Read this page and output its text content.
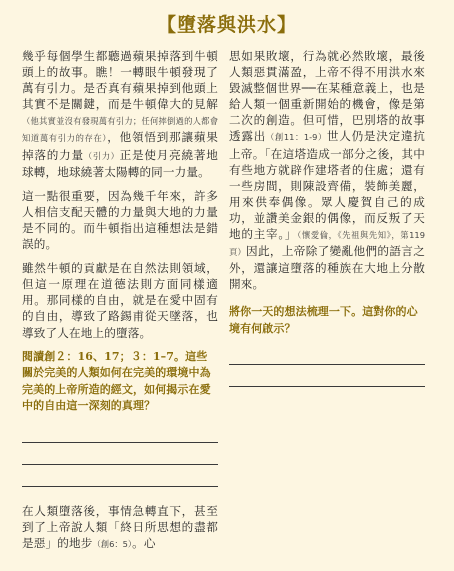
【墮落與洪水】

幾乎每個學生都聽過蘋果掉落到牛頓頭上的故事。瞧！一轉眼牛頓發現了萬有引力。是否真有蘋果掉到他頭上其實不是關鍵，而是牛頓偉大的見解（他其實並沒有發現萬有引力；任何摔倒過的人都會知道萬有引力的存在），他領悟到那讓蘋果掉落的力量（引力）正是使月亮繞著地球轉，地球繞著太陽轉的同一力量。

這一點很重要，因為幾千年來，許多人相信支配天體的力量與大地的力量是不同的。而牛頓指出這種想法是錯誤的。

雖然牛頓的貢獻是在自然法則領域，但這一原理在道德法則方面同樣適用。那同樣的自由，就是在愛中固有的自由，導致了路錫甫從天墜落，也導致了人在地上的墮落。

閱讀創２：16、17；３：1–7。這些關於完美的人類如何在完美的環境中為完美的上帝所造的經文，如何揭示在愛中的自由這一深刻的真理？

在人類墮落後，事情急轉直下，甚至到了上帝說人類「終日所思想的盡都是惡」的地步（創6：5）。心

思如果敗壞，行為就必然敗壞，最後人類惡貫滿盈，上帝不得不用洪水來毀滅整個世界──在某種意義上，也是給人類一個重新開始的機會，像是第二次的創造。但可惜，巴別塔的故事透露出（創11：1-9）世人仍是決定違抗上帝。「在這塔造成一部分之後，其中有些地方就辟作建塔者的住處；還有一些房間，則陳設齊備，裝飾美麗，用來供奉偶像。眾人慶賀自己的成功，並讚美金銀的偶像，而反叛了天地的主宰。」（懷愛倫，《先祖與先知》，第119頁）因此，上帝除了變亂他們的語言之外，還讓這墮落的種族在大地上分散開來。

將你一天的想法梳理一下。這對你的心境有何啟示？
